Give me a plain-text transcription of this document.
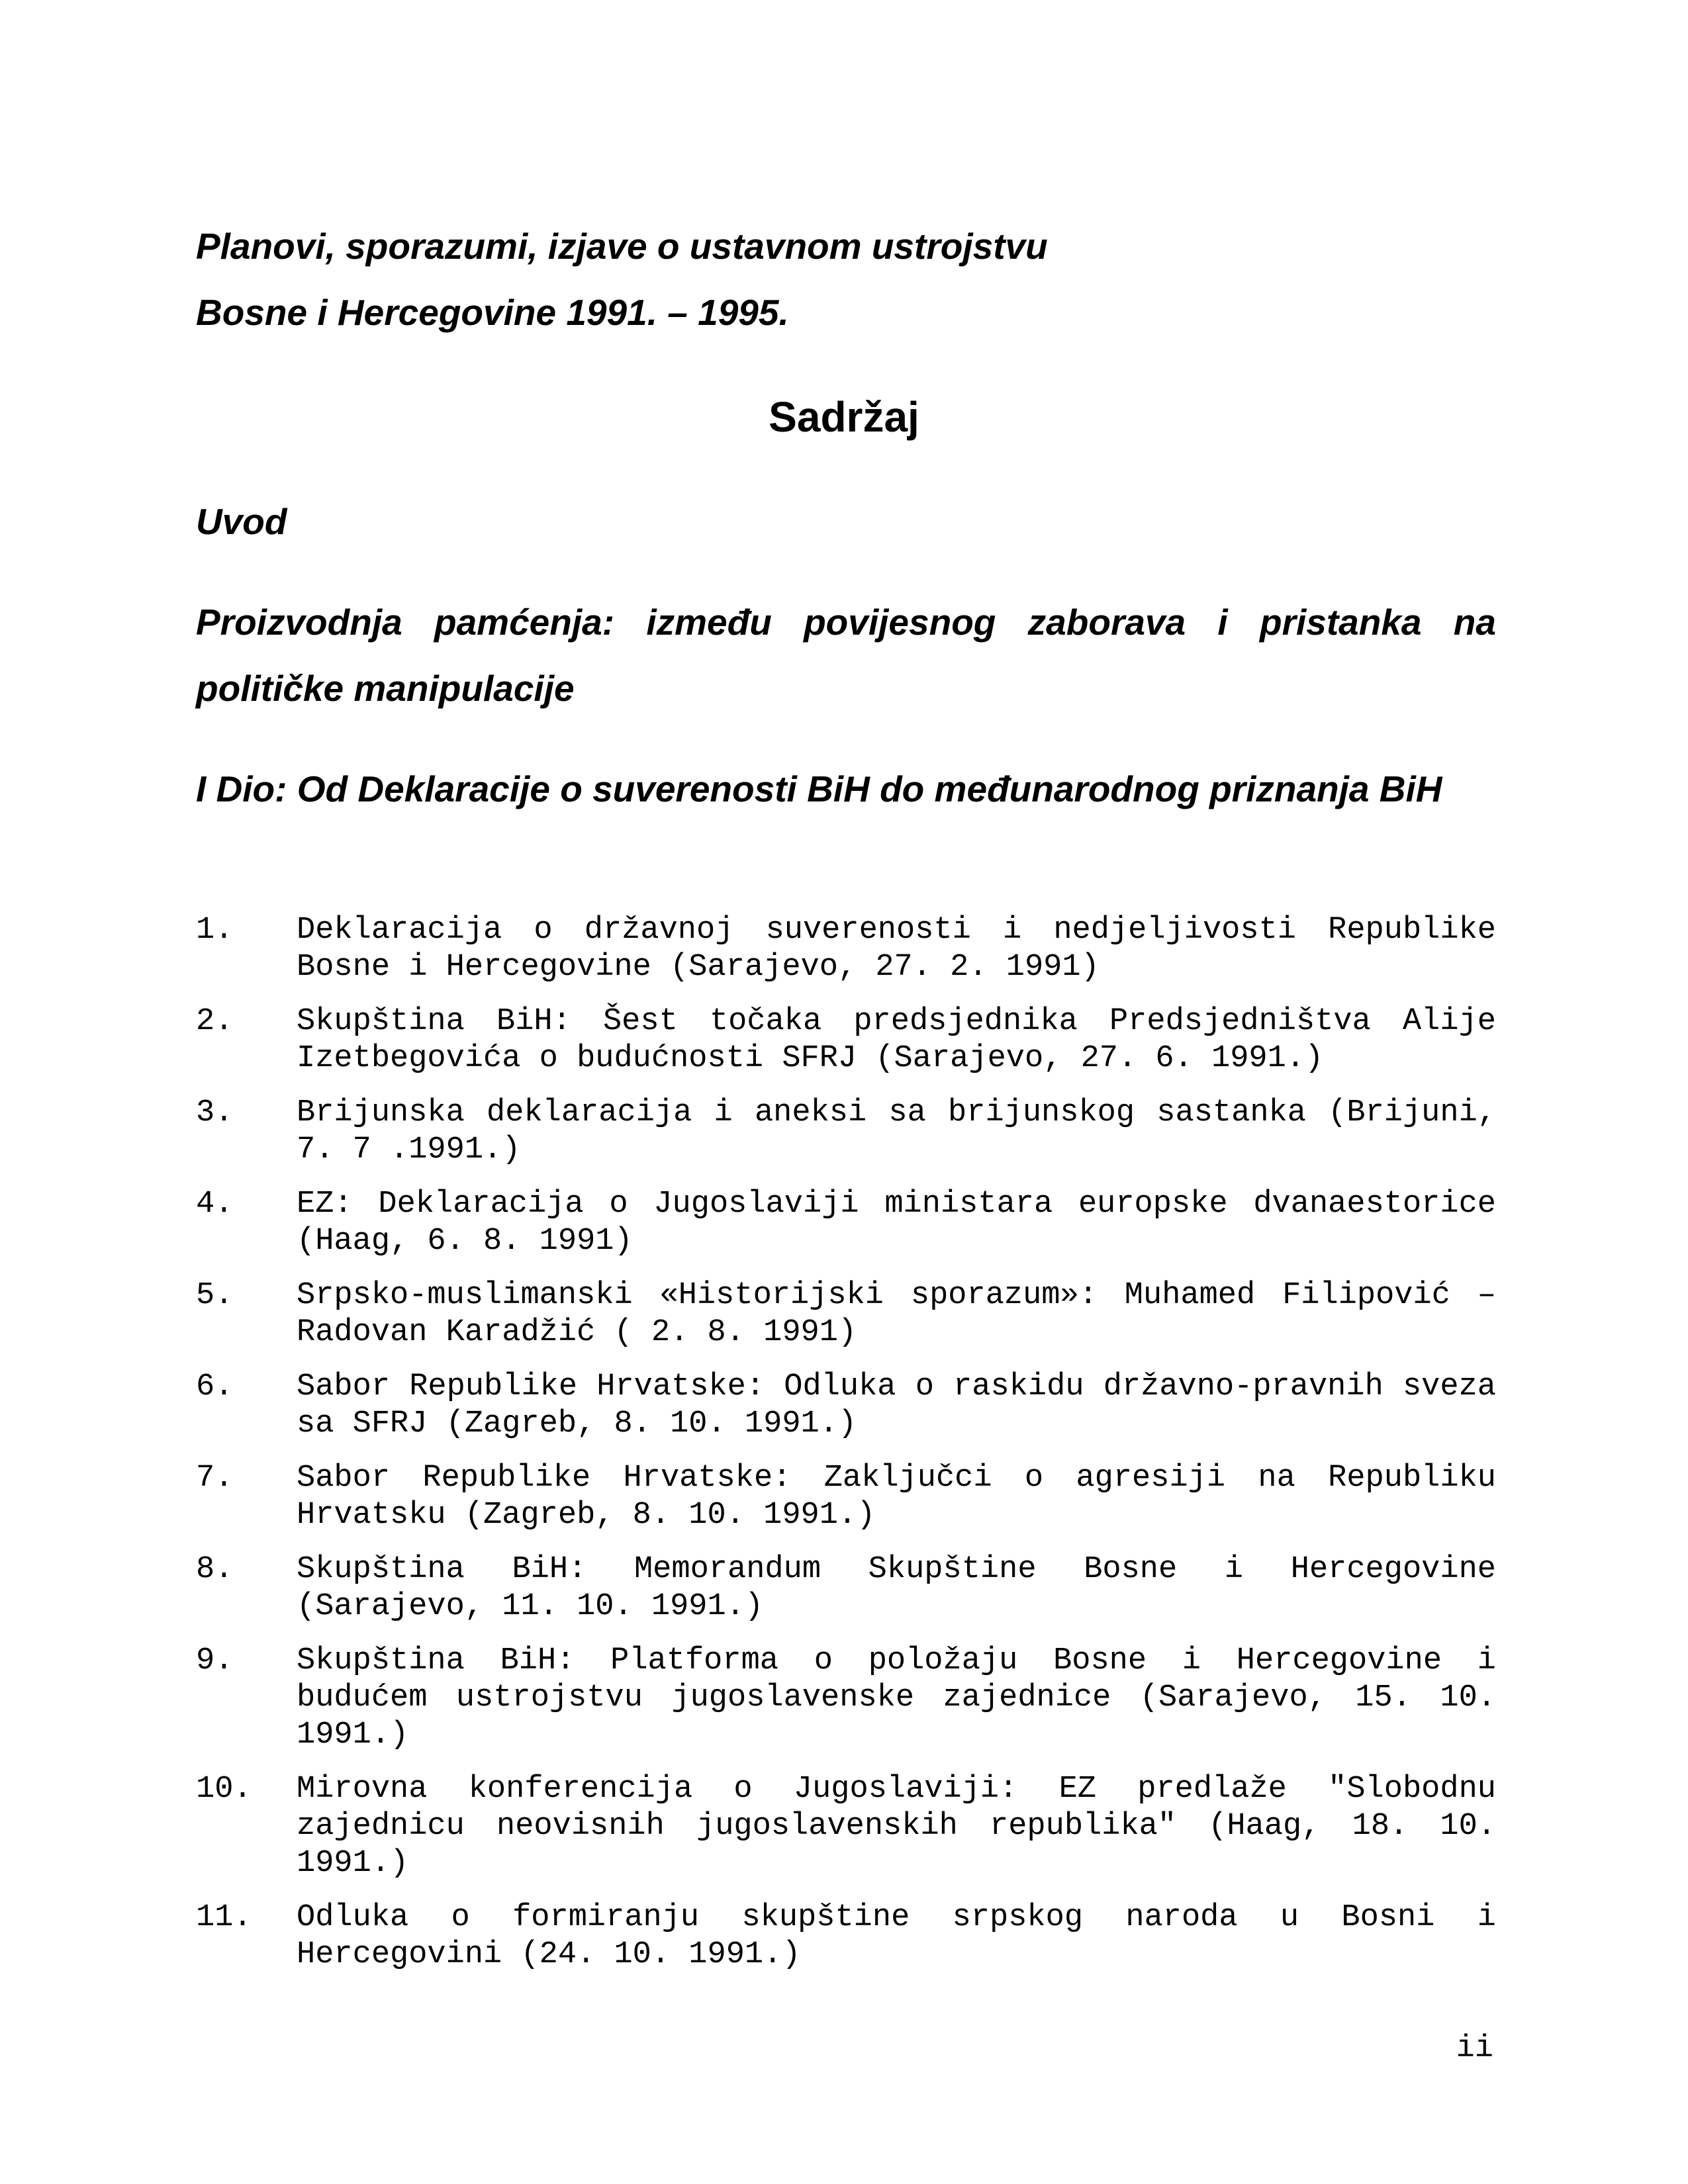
Planovi, sporazumi, izjave o ustavnom ustrojstvu
Bosne i Hercegovine 1991. – 1995.
Sadržaj
Uvod
Proizvodnja pamćenja: između povijesnog zaborava i pristanka na političke manipulacije
I Dio: Od Deklaracije o suverenosti BiH do međunarodnog priznanja BiH
1.	Deklaracija o državnoj suverenosti i nedjeljivosti Republike Bosne i Hercegovine (Sarajevo, 27. 2. 1991)
2.	Skupština BiH: Šest točaka predsjednika Predsjedništva Alije Izetbegovića o budućnosti SFRJ (Sarajevo, 27. 6. 1991.)
3.	Brijunska deklaracija i aneksi sa brijunskog sastanka (Brijuni, 7. 7 .1991.)
4.	EZ: Deklaracija o Jugoslaviji ministara europske dvanaestorice (Haag, 6. 8. 1991)
5.	Srpsko-muslimanski «Historijski sporazum»: Muhamed Filipović – Radovan Karadžić ( 2. 8. 1991)
6.	Sabor Republike Hrvatske: Odluka o raskidu državno-pravnih sveza sa SFRJ (Zagreb, 8. 10. 1991.)
7.	Sabor Republike Hrvatske: Zaključci o agresiji na Republiku Hrvatsku (Zagreb, 8. 10. 1991.)
8.	Skupština BiH: Memorandum Skupštine Bosne i Hercegovine (Sarajevo, 11. 10. 1991.)
9.	Skupština BiH: Platforma o položaju Bosne i Hercegovine i budućem ustrojstvu jugoslavenske zajednice (Sarajevo, 15. 10. 1991.)
10.	Mirovna konferencija o Jugoslaviji: EZ predlaže "Slobodnu zajednicu neovisnih jugoslavenskih republika" (Haag, 18. 10. 1991.)
11.	Odluka o formiranju skupštine srpskog naroda u Bosni i Hercegovini (24. 10. 1991.)
ii
